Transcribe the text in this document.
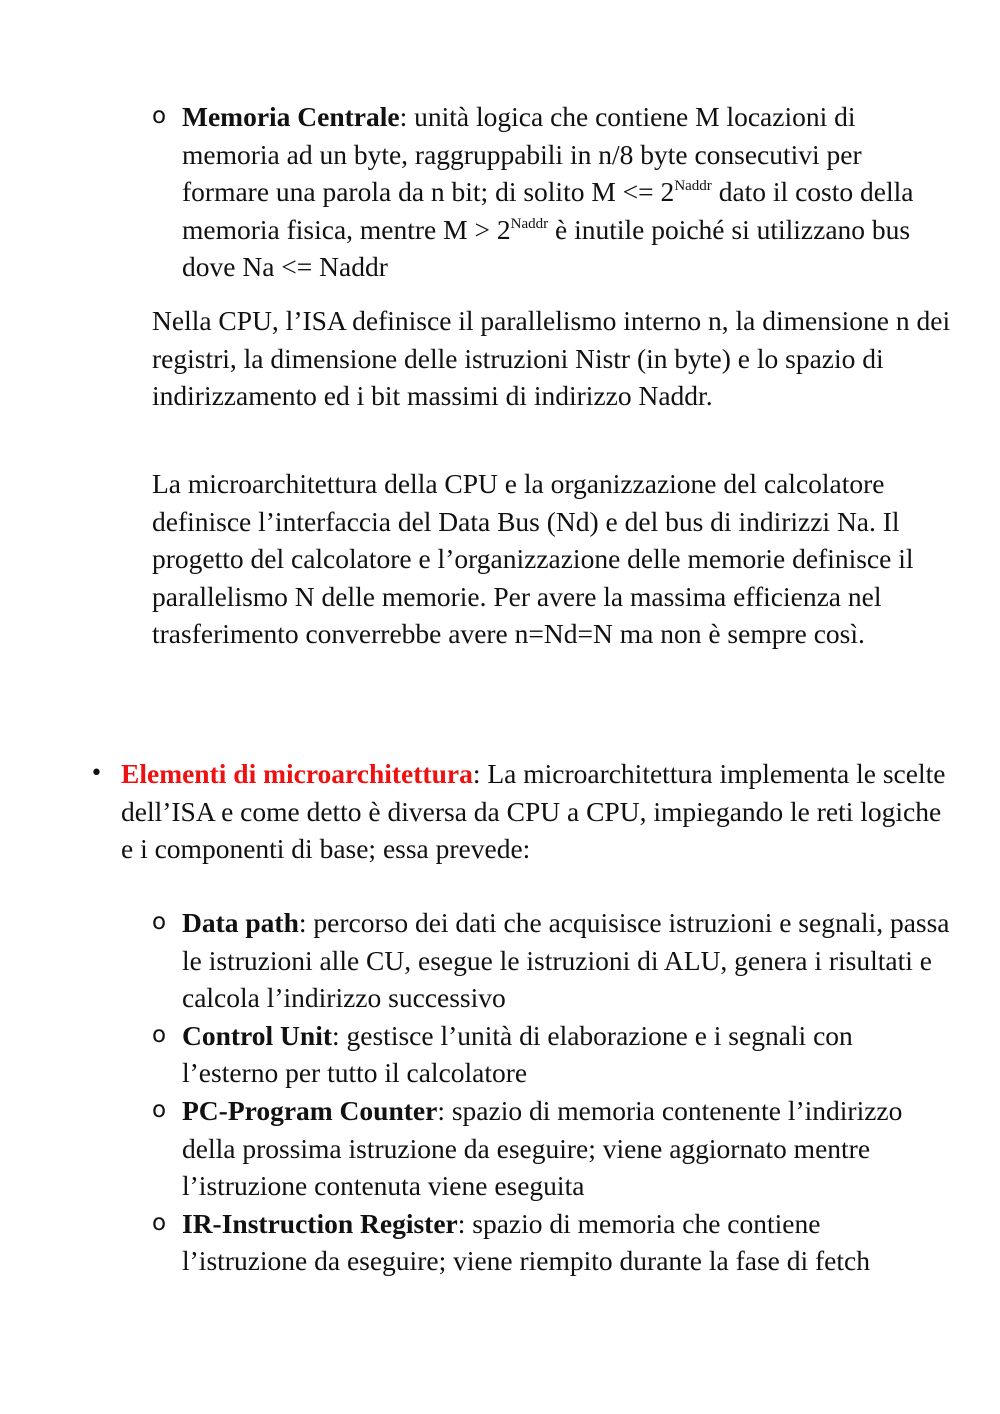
o Memoria Centrale: unità logica che contiene M locazioni di memoria ad un byte, raggruppabili in n/8 byte consecutivi per formare una parola da n bit; di solito $M <= 2^{Naddr}$ dato il costo della memoria fisica, mentre $M > 2^{Naddr}$ è inutile poiché si utilizzano bus dove Na <= Naddr

Nella CPU, l’ISA definisce il parallelismo interno n, la dimensione n dei registri, la dimensione delle istruzioni Nistr (in byte) e lo spazio di indirizzamento ed i bit massimi di indirizzo Naddr.

La microarchitettura della CPU e la organizzazione del calcolatore definisce l’interfaccia del Data Bus (Nd) e del bus di indirizzi Na. Il progetto del calcolatore e l’organizzazione delle memorie definisce il parallelismo N delle memorie. Per avere la massima efficienza nel trasferimento converrebbe avere n=Nd=N ma non è sempre così.

• Elementi di microarchitettura: La microarchitettura implementa le scelte dell’ISA e come detto è diversa da CPU a CPU, impiegando le reti logiche e i componenti di base; essa prevede:
o Data path: percorso dei dati che acquisisce istruzioni e segnali, passa le istruzioni alle CU, esegue le istruzioni di ALU, genera i risultati e calcola l’indirizzo successivo
o Control Unit: gestisce l’unità di elaborazione e i segnali con l’esterno per tutto il calcolatore
o PC-Program Counter: spazio di memoria contenente l’indirizzo della prossima istruzione da eseguire; viene aggiornato mentre l’istruzione contenuta viene eseguita
o IR-Instruction Register: spazio di memoria che contiene l’istruzione da eseguire; viene riempito durante la fase di fetch
